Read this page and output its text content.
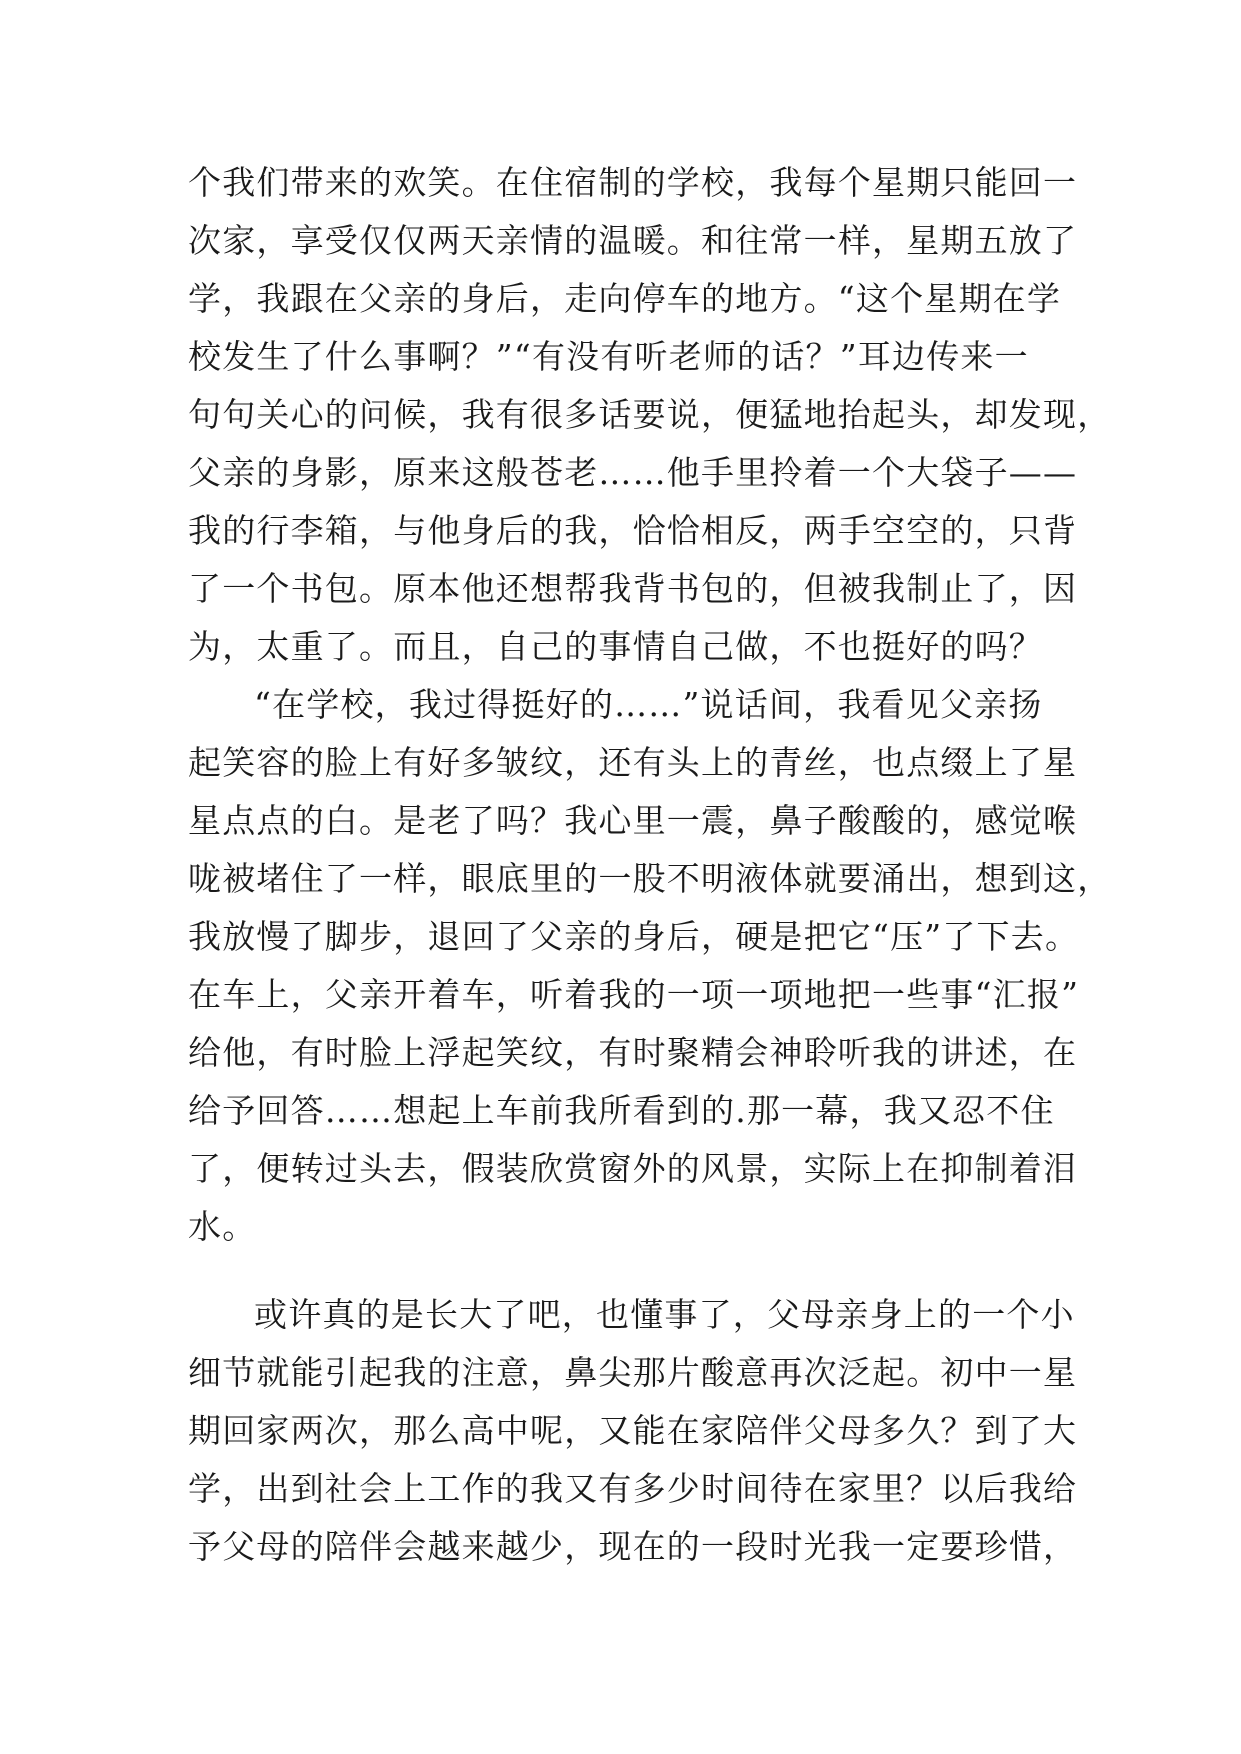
个我们带来的欢笑。在住宿制的学校，我每个星期只能回一
次家，享受仅仅两天亲情的温暖。和往常一样，星期五放了
学，我跟在父亲的身后，走向停车的地方。“这个星期在学
校发生了什么事啊？”“有没有听老师的话？”耳边传来一
句句关心的问候，我有很多话要说，便猛地抬起头，却发现，
父亲的身影，原来这般苍老……他手里拎着一个大袋子——
我的行李箱，与他身后的我，恰恰相反，两手空空的，只背
了一个书包。原本他还想帮我背书包的，但被我制止了，因
为，太重了。而且，自己的事情自己做，不也挺好的吗？
“在学校，我过得挺好的……”说话间，我看见父亲扬
起笑容的脸上有好多皱纹，还有头上的青丝，也点缀上了星
星点点的白。是老了吗？我心里一震，鼻子酸酸的，感觉喉
咙被堵住了一样，眼底里的一股不明液体就要涌出，想到这，
我放慢了脚步，退回了父亲的身后，硬是把它“压”了下去。
在车上，父亲开着车，听着我的一项一项地把一些事“汇报”
给他，有时脸上浮起笑纹，有时聚精会神聆听我的讲述，在
给予回答……想起上车前我所看到的.那一幕，我又忍不住
了，便转过头去，假装欣赏窗外的风景，实际上在抑制着泪
水。
或许真的是长大了吧，也懂事了，父母亲身上的一个小
细节就能引起我的注意，鼻尖那片酸意再次泛起。初中一星
期回家两次，那么高中呢，又能在家陪伴父母多久？到了大
学，出到社会上工作的我又有多少时间待在家里？以后我给
予父母的陪伴会越来越少，现在的一段时光我一定要珍惜，
